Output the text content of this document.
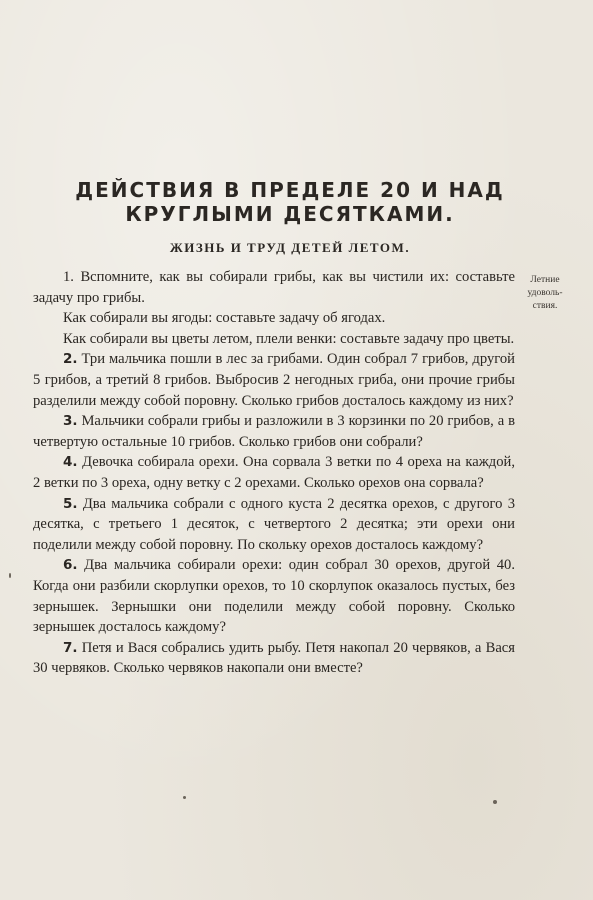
ДЕЙСТВИЯ В ПРЕДЕЛЕ 20 И НАД
КРУГЛЫМИ ДЕСЯТКАМИ.
ЖИЗНЬ И ТРУД ДЕТЕЙ ЛЕТОМ.
Летние
удоволь-
ствия.

1. Вспомните, как вы собирали грибы, как вы чистили их: составьте задачу про грибы.

Как собирали вы ягоды: составьте задачу об ягодах.

Как собирали вы цветы летом, плели венки: составьте задачу про цветы.

2. Три мальчика пошли в лес за грибами. Один собрал 7 грибов, другой 5 грибов, а третий 8 грибов. Выбросив 2 негодных гриба, они прочие грибы разделили между собой поровну. Сколько грибов досталось каждому из них?

3. Мальчики собрали грибы и разложили в 3 корзинки по 20 грибов, а в четвертую остальные 10 грибов. Сколько грибов они собрали?

4. Девочка собирала орехи. Она сорвала 3 ветки по 4 ореха на каждой, 2 ветки по 3 ореха, одну ветку с 2 орехами. Сколько орехов она сорвала?

5. Два мальчика собрали с одного куста 2 десятка орехов, с другого 3 десятка, с третьего 1 десяток, с четвертого 2 десятка; эти орехи они поделили между собой поровну. По скольку орехов досталось каждому?

6. Два мальчика собирали орехи: один собрал 30 орехов, другой 40. Когда они разбили скорлупки орехов, то 10 скорлупок оказалось пустых, без зернышек. Зернышки они поделили между собой поровну. Сколько зернышек досталось каждому?

7. Петя и Вася собрались удить рыбу. Петя накопал 20 червяков, а Вася 30 червяков. Сколько червяков накопали они вместе?
